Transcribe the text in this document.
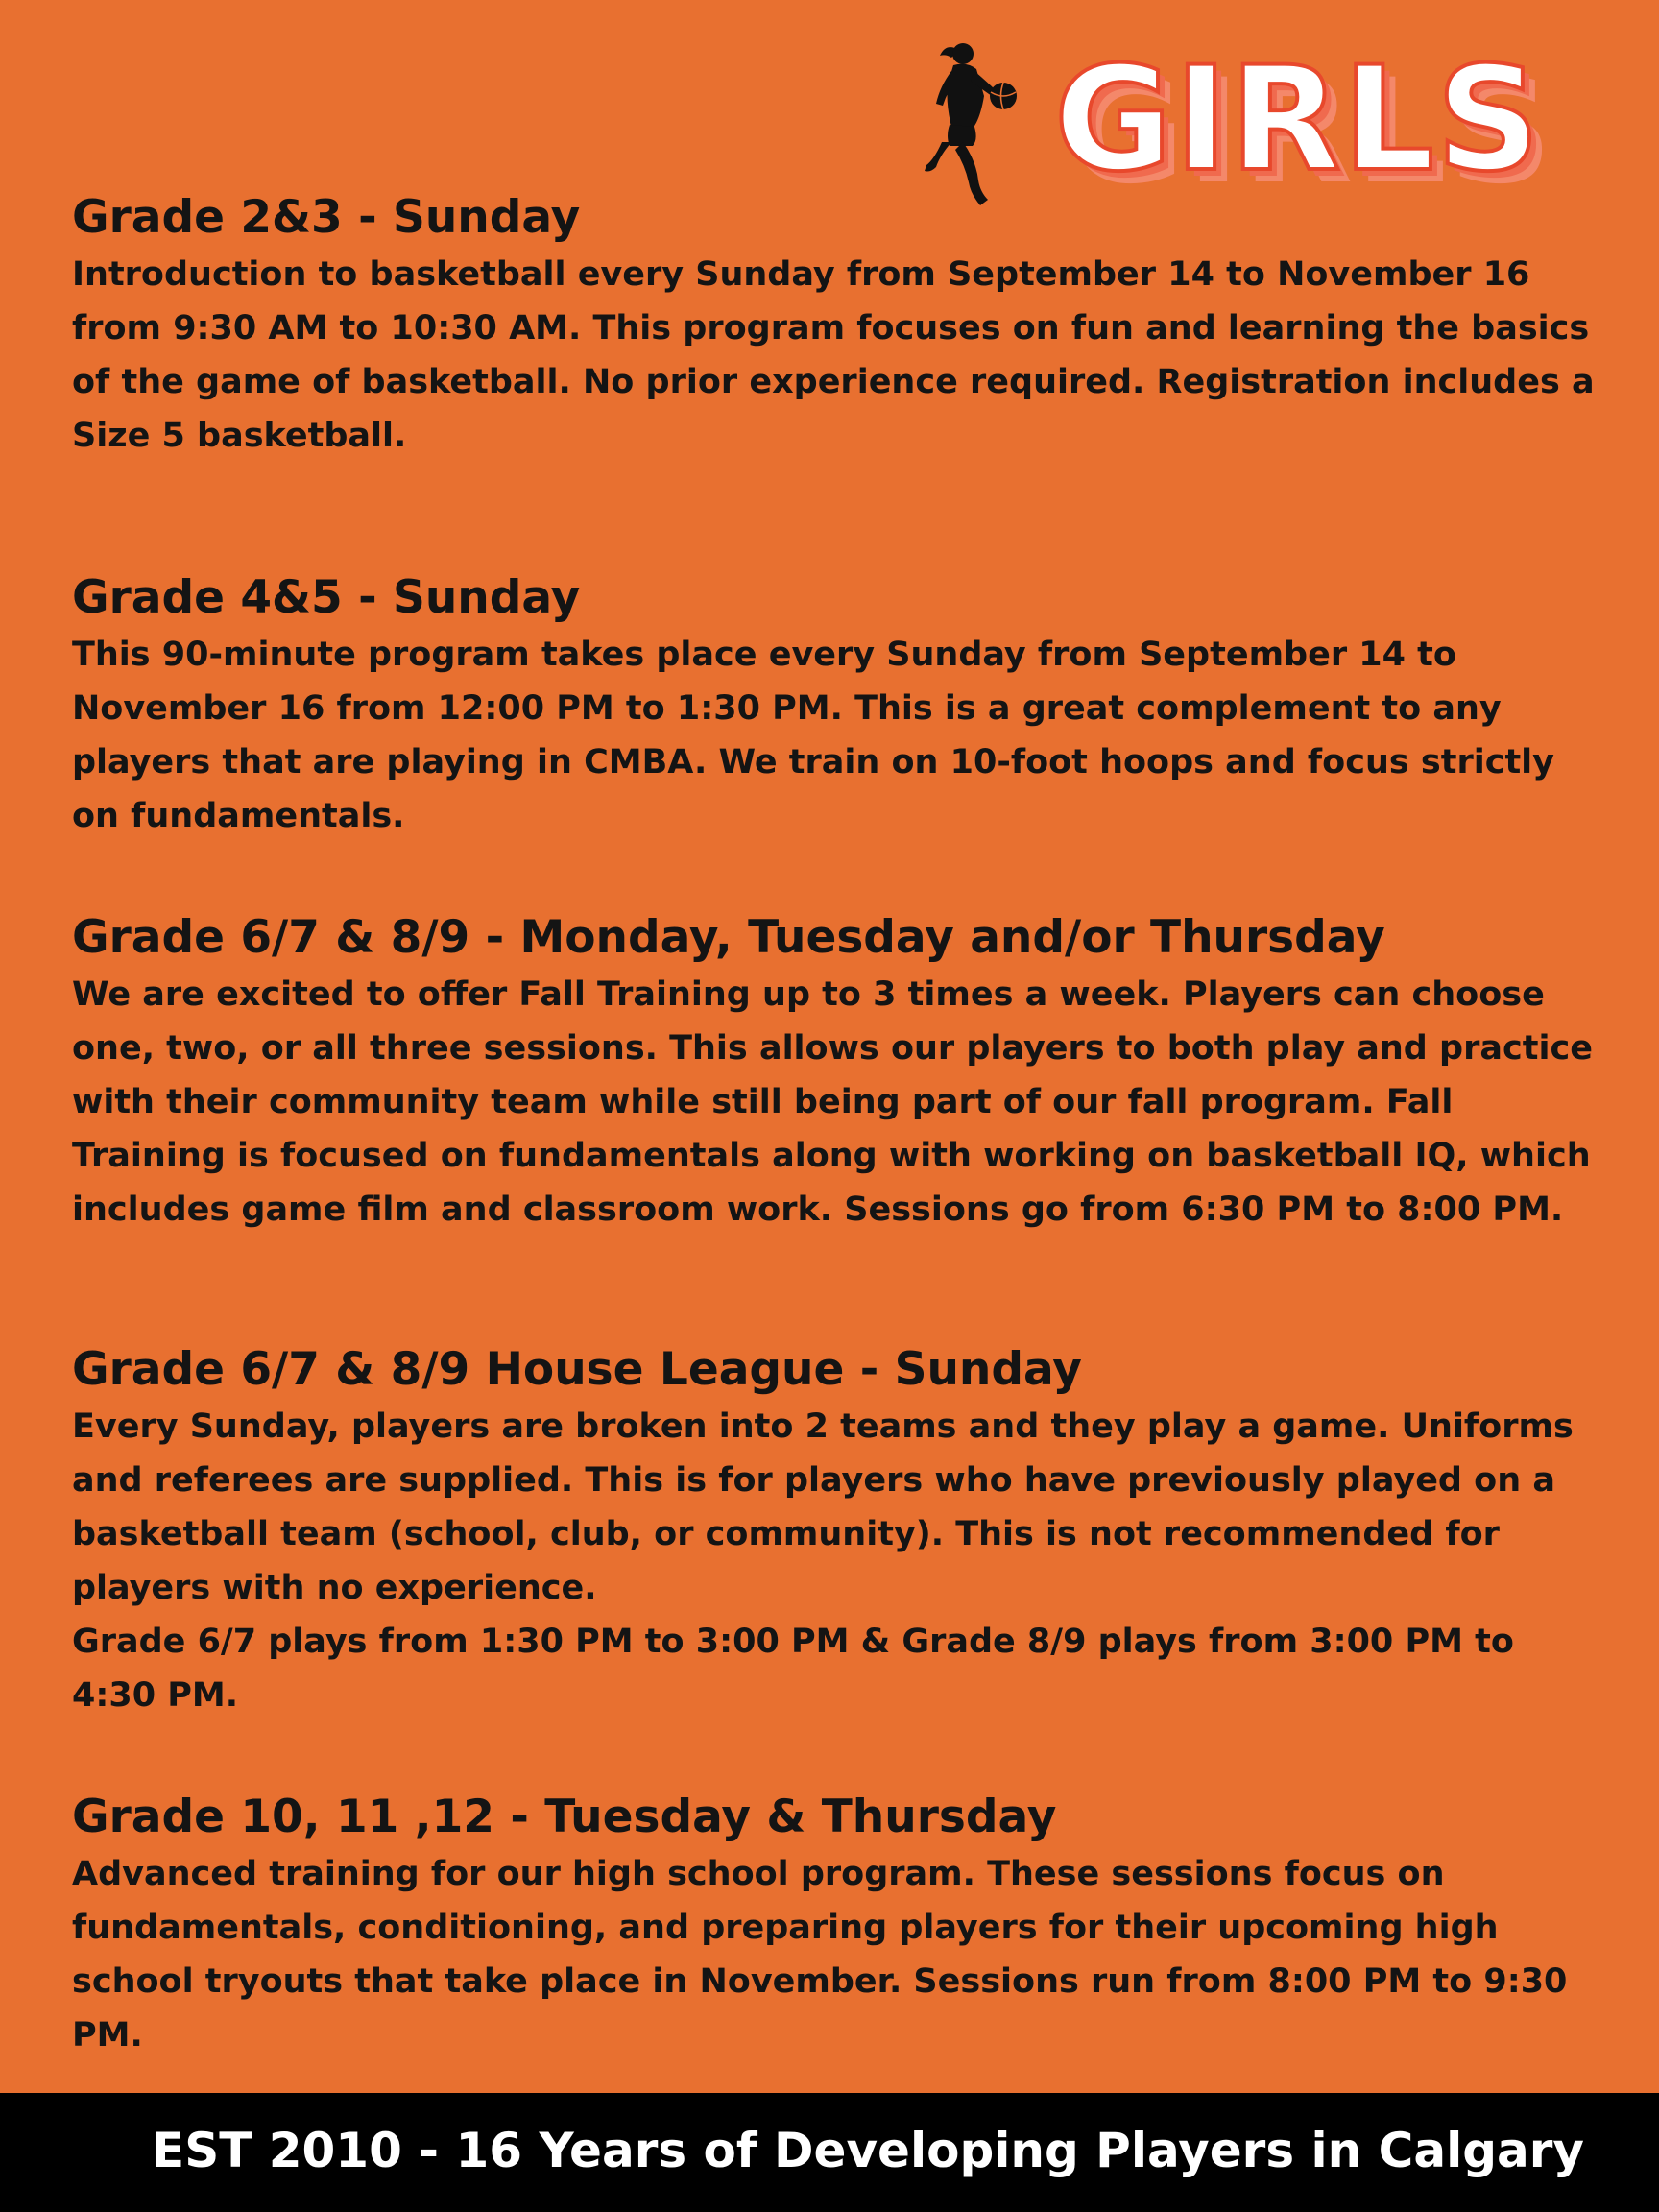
GIRLS
Grade 2&3 - Sunday

Introduction to basketball every Sunday from September 14 to November 16 from 9:30 AM to 10:30 AM. This program focuses on fun and learning the basics of the game of basketball. No prior experience required. Registration includes a Size 5 basketball.

Grade 4&5 - Sunday

This 90-minute program takes place every Sunday from September 14 to November 16 from 12:00 PM to 1:30 PM. This is a great complement to any players that are playing in CMBA. We train on 10-foot hoops and focus strictly on fundamentals.

Grade 6/7 & 8/9 - Monday, Tuesday and/or Thursday

We are excited to offer Fall Training up to 3 times a week. Players can choose one, two, or all three sessions. This allows our players to both play and practice with their community team while still being part of our fall program. Fall Training is focused on fundamentals along with working on basketball IQ, which includes game film and classroom work. Sessions go from 6:30 PM to 8:00 PM.

Grade 6/7 & 8/9 House League - Sunday

Every Sunday, players are broken into 2 teams and they play a game. Uniforms and referees are supplied. This is for players who have previously played on a basketball team (school, club, or community). This is not recommended for players with no experience.

Grade 6/7 plays from 1:30 PM to 3:00 PM & Grade 8/9 plays from 3:00 PM to 4:30 PM.

Grade 10, 11 ,12 - Tuesday & Thursday

Advanced training for our high school program. These sessions focus on fundamentals, conditioning, and preparing players for their upcoming high school tryouts that take place in November. Sessions run from 8:00 PM to 9:30 PM.

EST 2010 - 16 Years of Developing Players in Calgary
